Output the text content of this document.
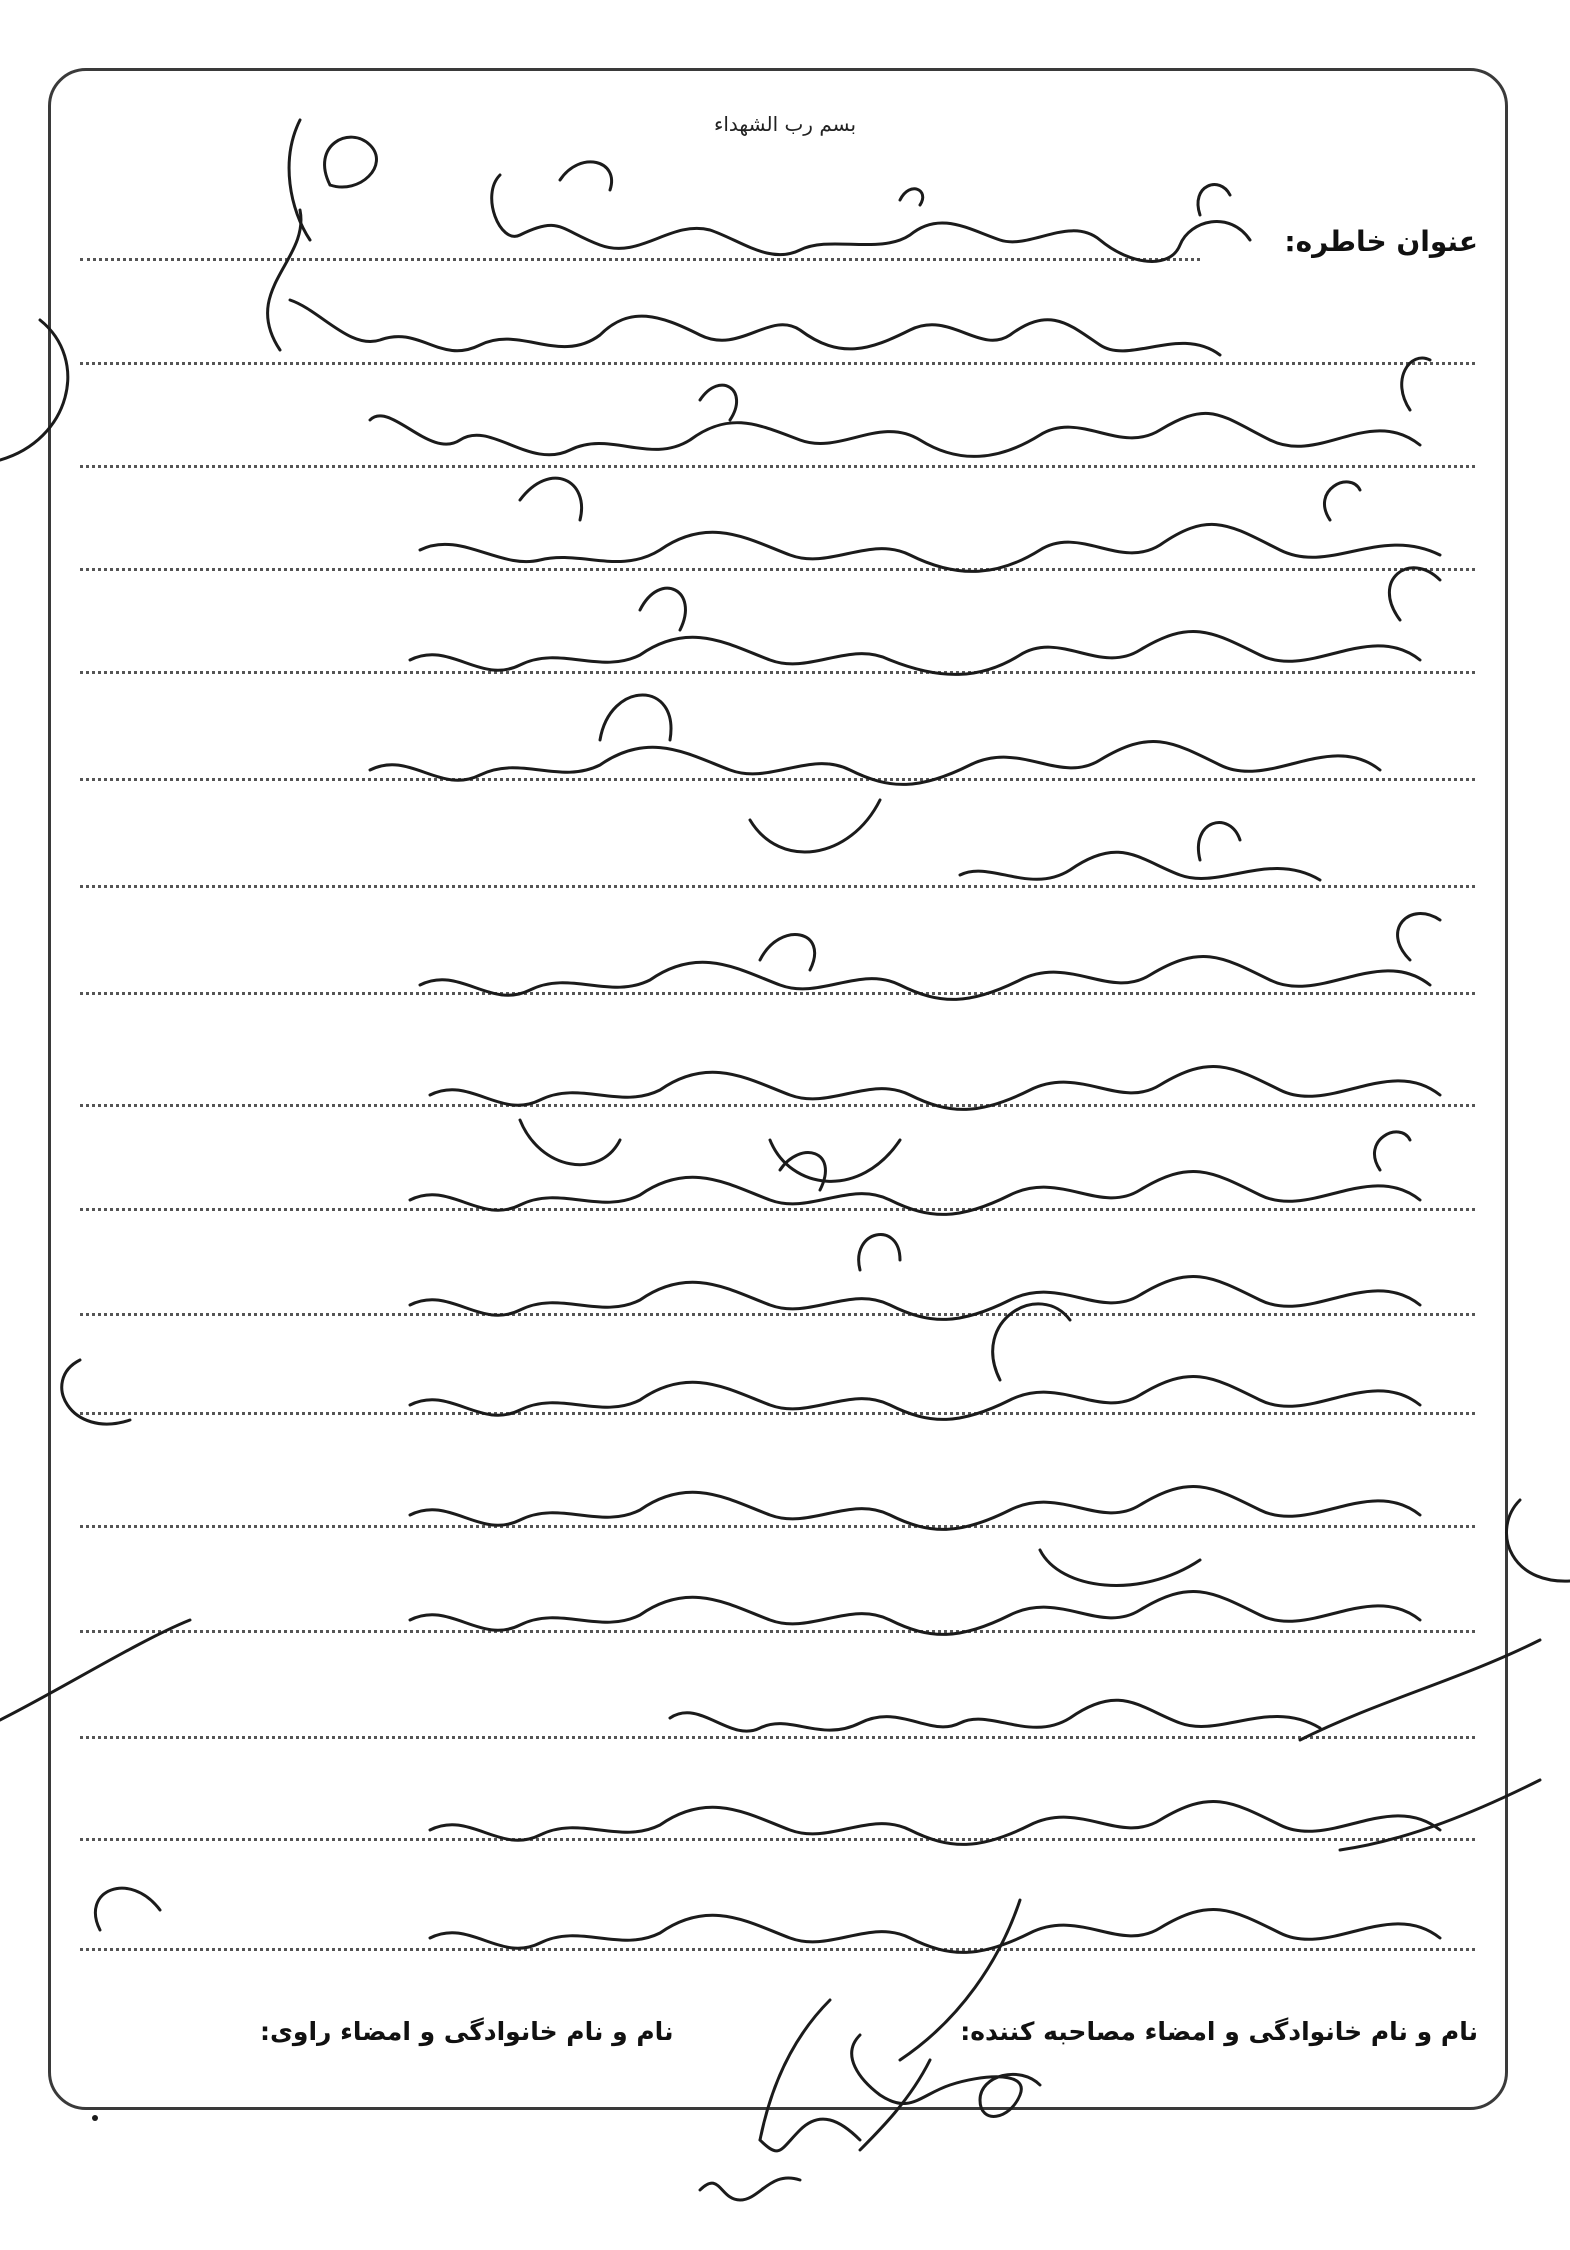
بسم رب الشهداء
عنوان خاطره:
نام و نام خانوادگی و امضاء مصاحبه کننده:
نام و نام خانوادگی و امضاء راوی:
